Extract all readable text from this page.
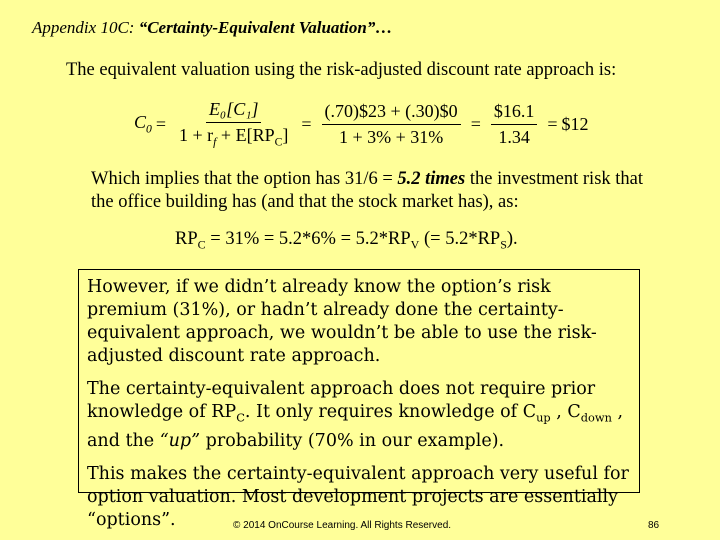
Appendix 10C: “Certainty-Equivalent Valuation”…
The equivalent valuation using the risk-adjusted discount rate approach is:
$C_0 = \frac{\text{E₀[C₁]}}{1 + r_f + E[RP_C]} = \frac{(.70)\$23 + (.30)\$0}{1 + 3\% + 31\%} = \frac{\$16.1}{1.34}$ = $12
Which implies that the option has 31/6 = 5.2 times the investment risk that the office building has (and that the stock market has), as:
$RP_C = 31\% = 5.2*6\% = 5.2*RP_V$ (= $5.2*RP_S$).

However, if we didn’t already know the option’s risk premium (31%), or hadn’t already done the certainty-equivalent approach, we wouldn’t be able to use the risk-adjusted discount rate approach.

The certainty-equivalent approach does not require prior knowledge of $RP_C$. It only requires knowledge of $C_{up}$ , $C_{down}$ , and the “up” probability (70% in our example).

This makes the certainty-equivalent approach very useful for option valuation. Most development projects are essentially “options”.	© 2014 OnCourse Learning. All Rights Reserved.	86
